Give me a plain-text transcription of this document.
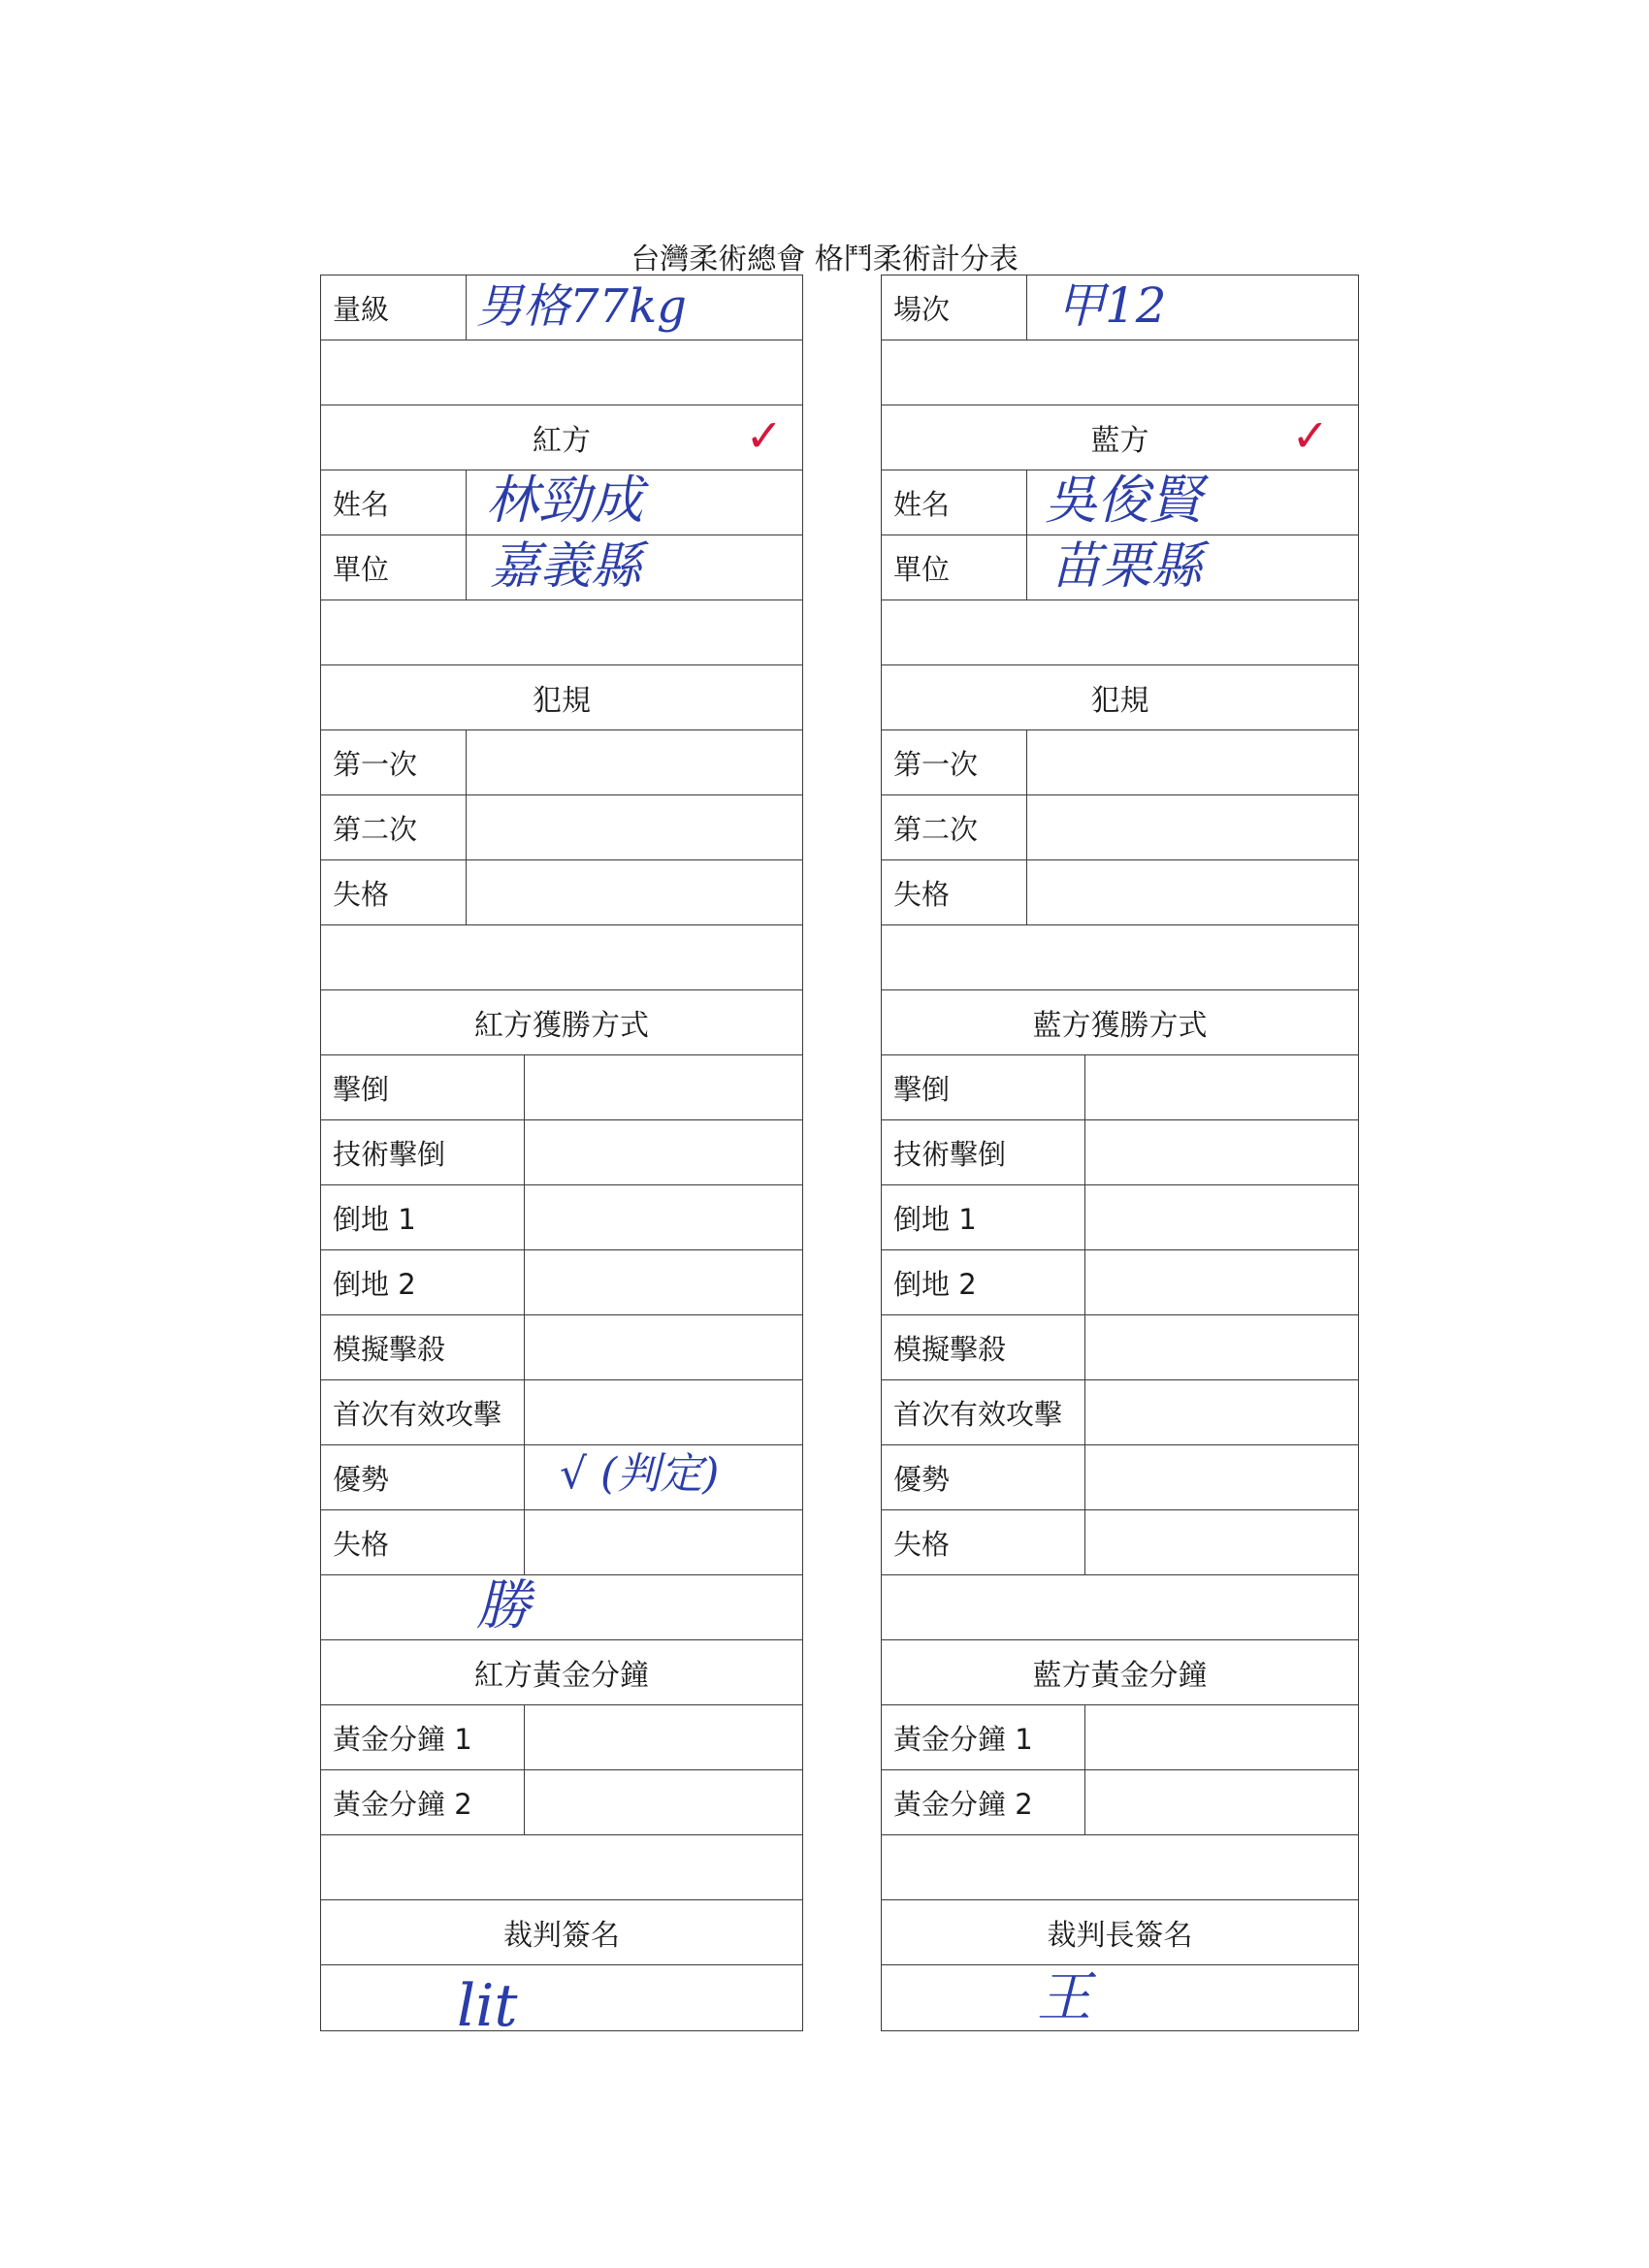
台灣柔術總會 格鬥柔術計分表
量級	男格77kg
紅方	✓
姓名	林勁成
單位	嘉義縣
犯規
第一次
第二次
失格
紅方獲勝方式
擊倒
技術擊倒
倒地 1
倒地 2
模擬擊殺
首次有效攻擊
優勢	√ (判定)
失格
勝
紅方黃金分鐘
黃金分鐘 1
黃金分鐘 2
裁判簽名
lit
場次	甲12
藍方	✓
姓名	吳俊賢
單位	苗栗縣
犯規
第一次
第二次
失格
藍方獲勝方式
擊倒
技術擊倒
倒地 1
倒地 2
模擬擊殺
首次有效攻擊
優勢
失格
藍方黃金分鐘
黃金分鐘 1
黃金分鐘 2
裁判長簽名
王
